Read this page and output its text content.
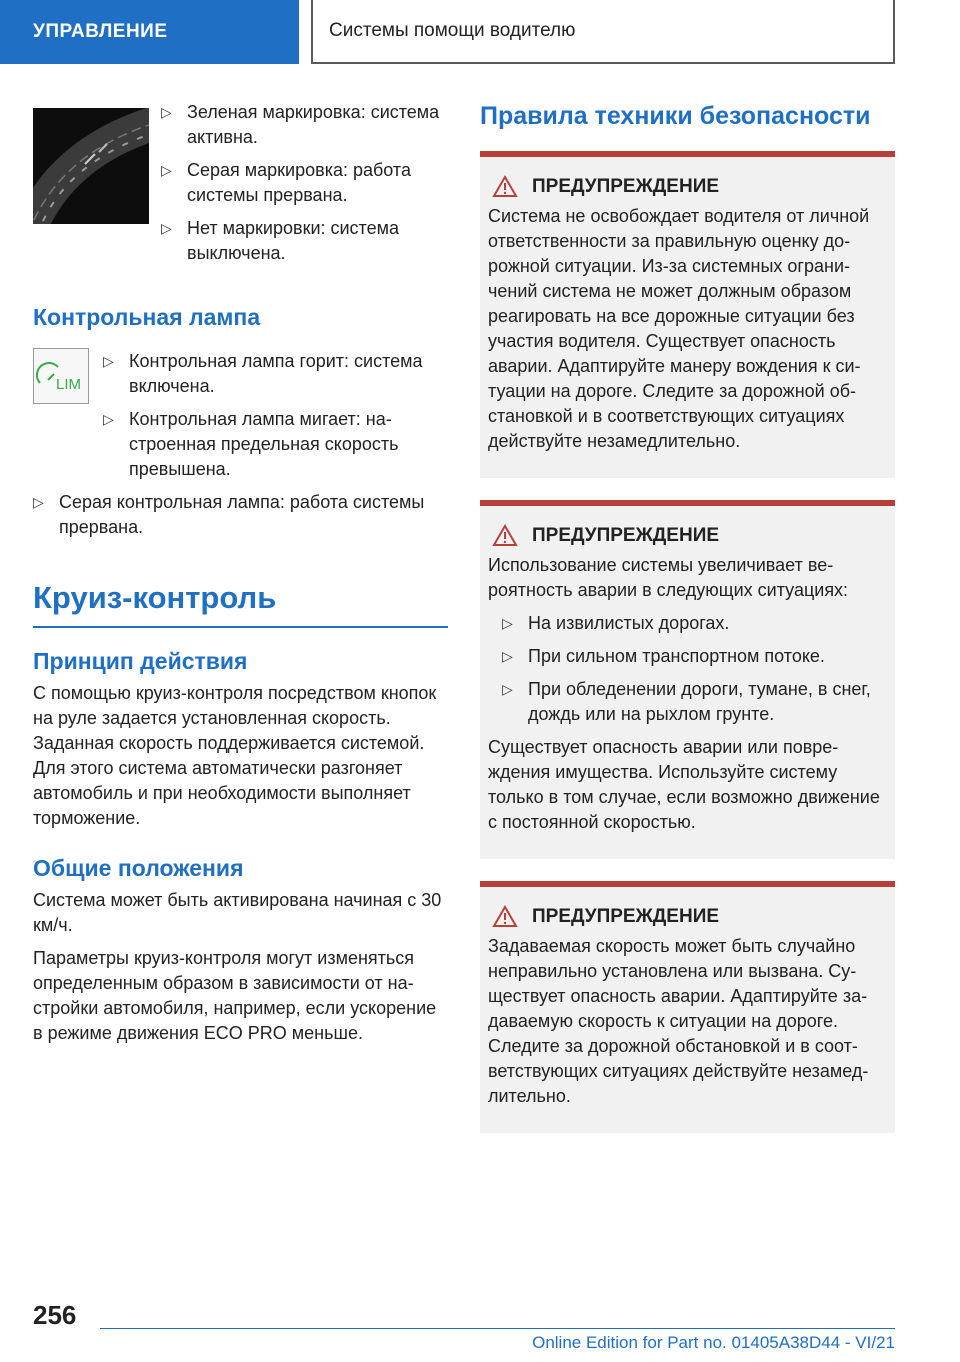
УПРАВЛЕНИЕ	Системы помощи водителю
▷ Зеленая маркировка: система активна.
▷ Серая маркировка: работа системы прервана.
▷ Нет маркировки: система выключена.
Контрольная лампа
LIM
▷ Контрольная лампа горит: система включена.
▷ Контрольная лампа мигает: настроенная предельная скорость превышена.
▷ Серая контрольная лампа: работа системы прервана.
Круиз-контроль
Принцип действия

С помощью круиз-контроля посредством кнопок на руле задается установленная скорость. Заданная скорость поддерживается системой. Для этого система автоматически разгоняет автомобиль и при необходимости выполняет торможение.

Общие положения

Система может быть активирована начиная с 30 км/ч.

Параметры круиз-контроля могут изменяться определенным образом в зависимости от настройки автомобиля, например, если ускорение в режиме движения ECO PRO меньше.

Правила техники безопасности
ПРЕДУПРЕЖДЕНИЕ

Система не освобождает водителя от личной ответственности за правильную оценку дорожной ситуации. Из-за системных ограничений система не может должным образом реагировать на все дорожные ситуации без участия водителя. Существует опасность аварии. Адаптируйте манеру вождения к ситуации на дороге. Следите за дорожной обстановкой и в соответствующих ситуациях действуйте незамедлительно.

ПРЕДУПРЕЖДЕНИЕ

Использование системы увеличивает вероятность аварии в следующих ситуациях:

▷ На извилистых дорогах.
▷ При сильном транспортном потоке.
▷ При обледенении дороги, тумане, в снег, дождь или на рыхлом грунте.

Существует опасность аварии или повреждения имущества. Используйте систему только в том случае, если возможно движение с постоянной скоростью.

ПРЕДУПРЕЖДЕНИЕ

Задаваемая скорость может быть случайно неправильно установлена или вызвана. Существует опасность аварии. Адаптируйте задаваемую скорость к ситуации на дороге. Следите за дорожной обстановкой и в соответствующих ситуациях действуйте незамедлительно.

256
Online Edition for Part no. 01405A38D44 - VI/21
